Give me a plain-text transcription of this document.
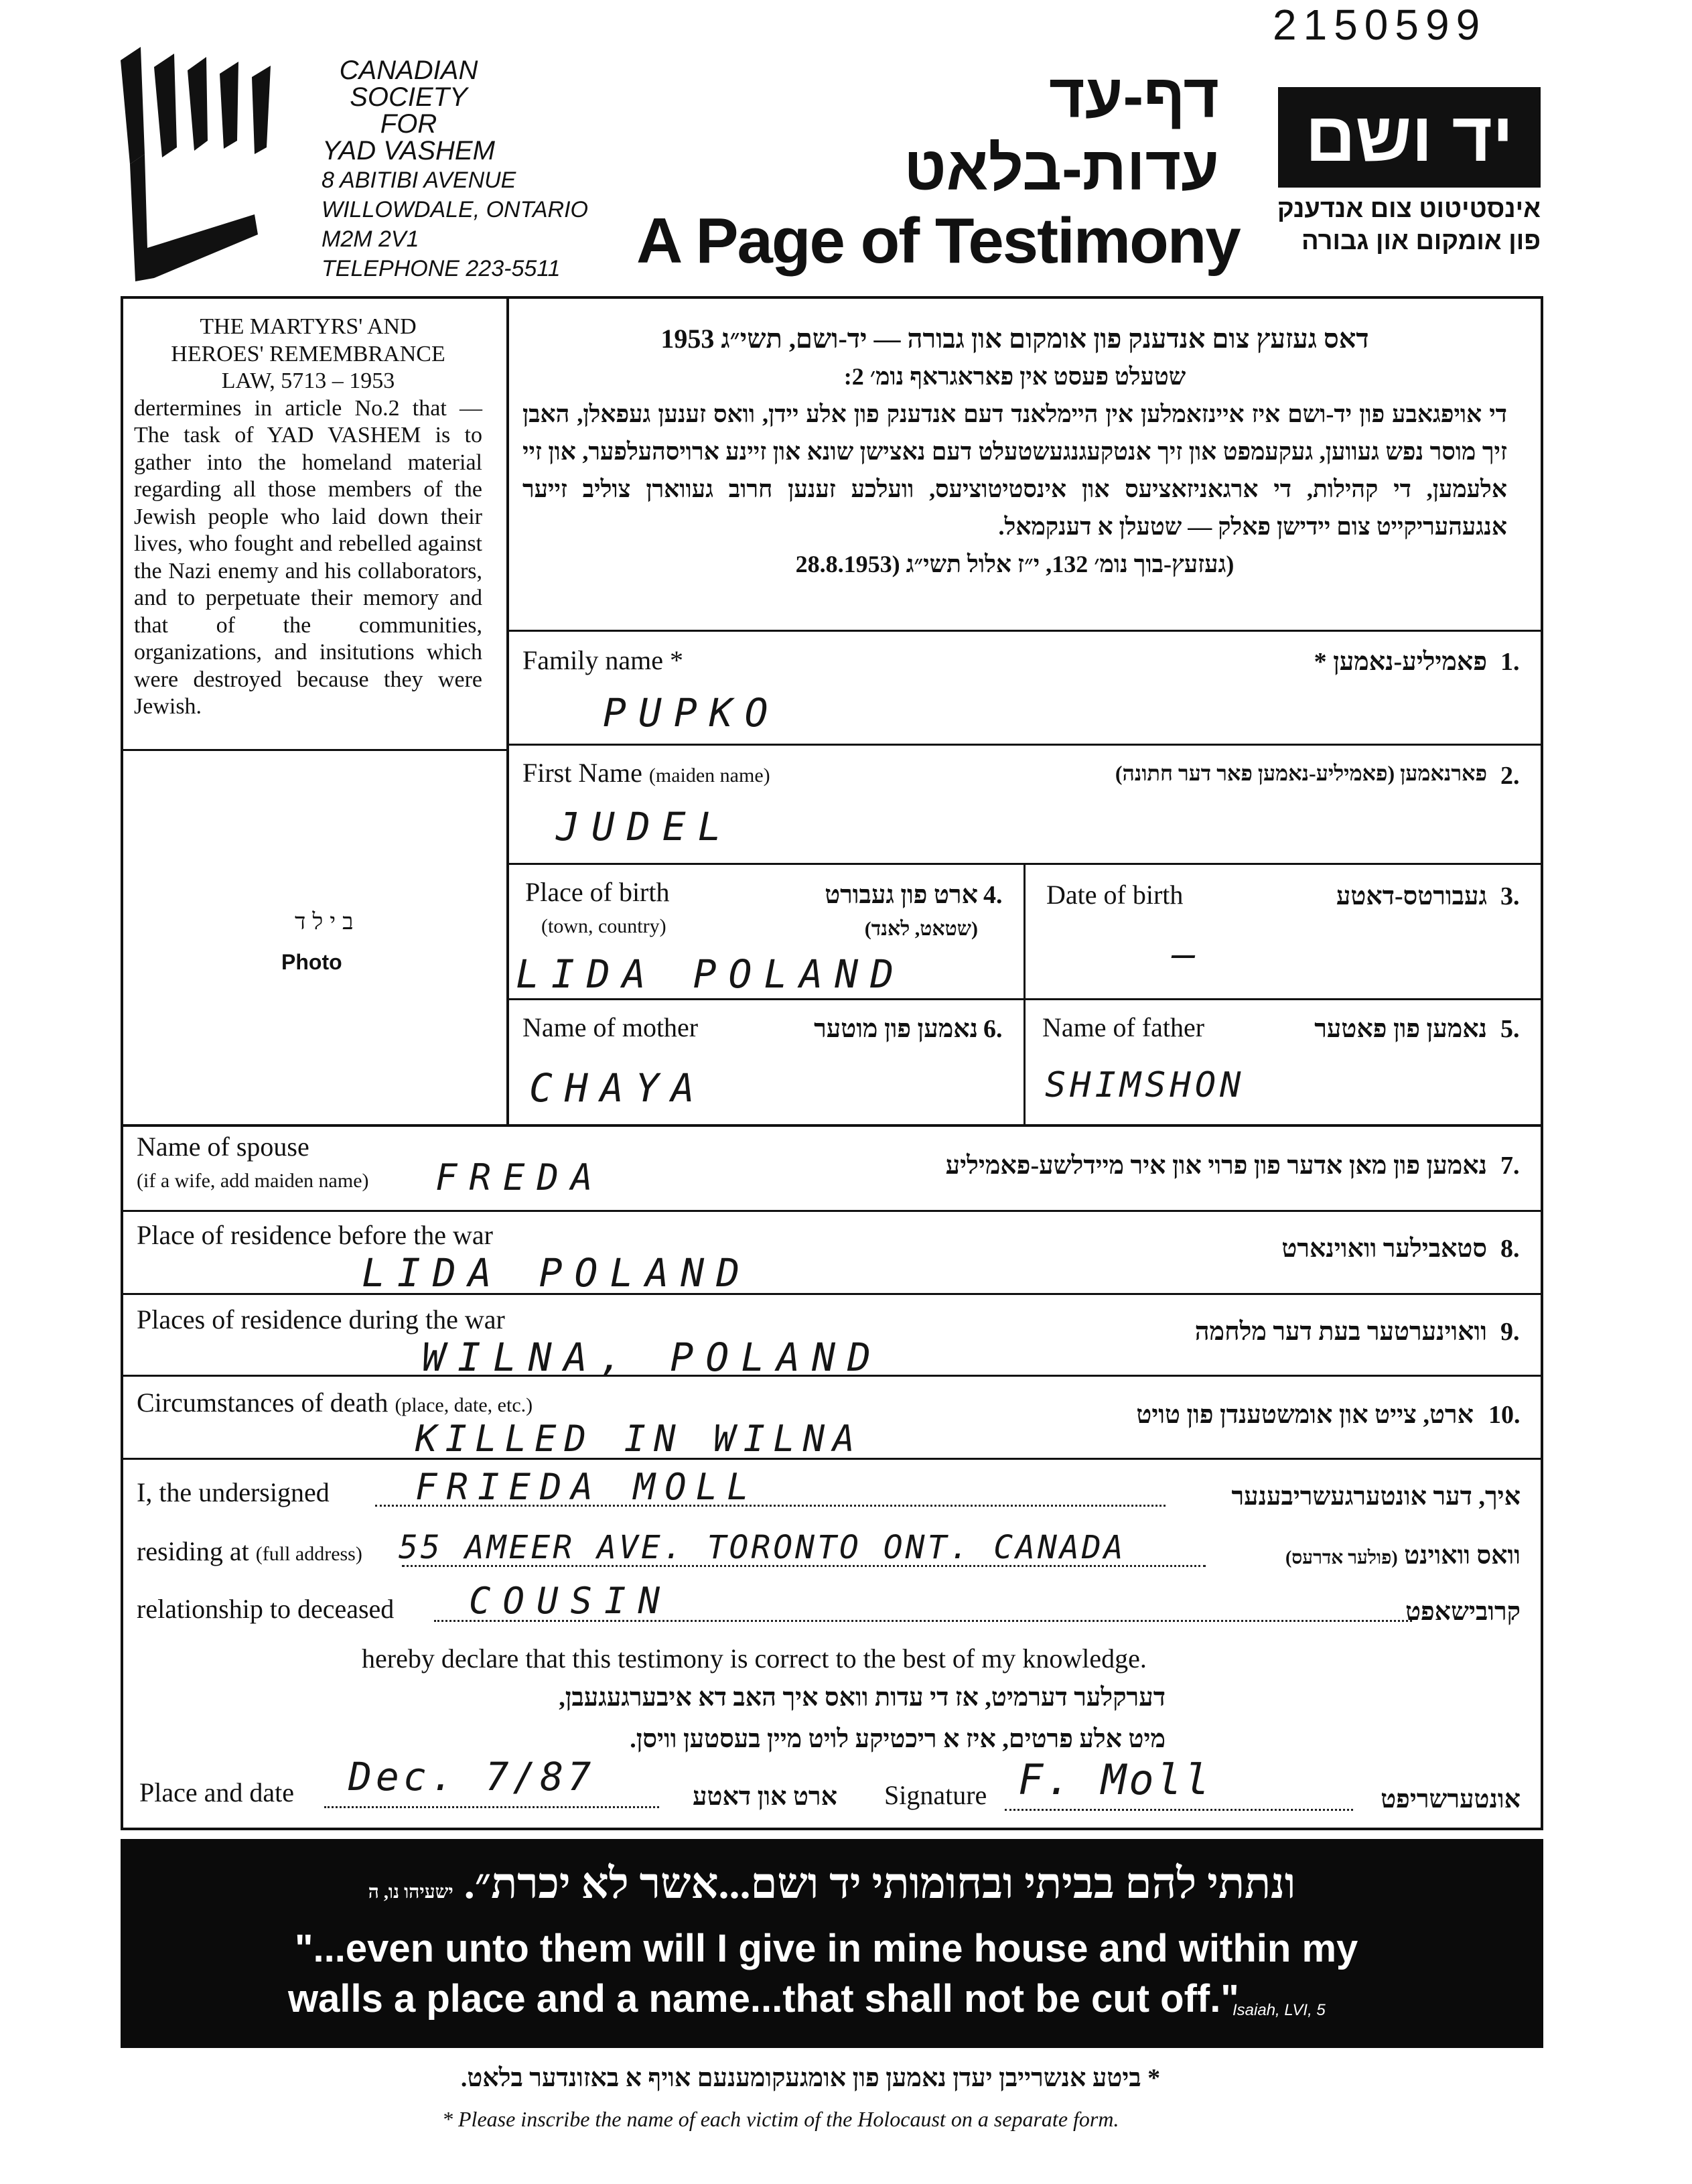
2150599
CANADIAN
SOCIETY
FOR
YAD VASHEM
8 ABITIBI AVENUE
WILLOWDALE, ONTARIO
M2M 2V1
TELEPHONE 223-5511
דף-עד
עדות-בלאט
A Page of Testimony
יד ושם
אינסטיטוט צום אנדענק
פון אומקום און גבורה
THE MARTYRS' AND
HEROES' REMEMBRANCE
LAW, 5713 – 1953
dertermines in article No.2 that — The task of YAD VASHEM is to gather into the homeland material regarding all those members of the Jewish people who laid down their lives, who fought and rebelled against the Nazi enemy and his collaborators, and to perpetuate their memory and that of the communities, organizations, and insitutions which were destroyed because they were Jewish.
בילד
Photo
דאס געזעץ צום אנדענק פון אומקום און גבורה — יד-ושם, תשי״ג 1953
שטעלט פעסט אין פאראגראף נומ׳ 2:
די אויפגאבע פון יד-ושם איז איינזאמלען אין היימלאנד דעם אנדענק פון אלע יידן, וואס זענען געפאלן, האבן זיך מוסר נפש געווען, געקעמפט און זיך אנטקעגנגעשטעלט דעם נאצישן שונא און זיינע ארויסהעלפער, און זיי אלעמען, די קהילות, די ארגאניזאציעס און אינסטיטוציעס, וועלכע זענען חרוב געווארן צוליב זייער אנגעהעריקייט צום יידישן פאלק — שטעלן א דענקמאל.
(געזעץ-בוך נומ׳ 132, י״ז אלול תשי״ג (28.8.1953
Family name *	פאמיליע-נאמען * 1.
PUPKO
First Name (maiden name)	פארנאמען (פאמיליע-נאמען פאר דער חתונה) 2.
JUDEL
Place of birth
(town, country)
ארט פון געבורט
(שטאט, לאנד)
4.
LIDA POLAND
Date of birth	געבורטס-דאטע 3.
—
Name of mother	נאמען פון מוטער 6.
CHAYA
Name of father	נאמען פון פאטער 5.
SHIMSHON
Name of spouse
(if a wife, add maiden name)
נאמען פון מאן אדער פון פרוי און איר מיידלשע-פאמיליע 7.
FREDA
Place of residence before the war	סטאבילער וואוינארט 8.
LIDA POLAND
Places of residence during the war	וואוינערטער בעת דער מלחמה 9.
WILNA, POLAND
Circumstances of death (place, date, etc.)	ארט, צייט און אומשטענדן פון טויט 10.
KILLED IN WILNA
I, the undersigned FRIEDA MOLL	איך, דער אונטערגעשריבענער
residing at (full address) 55 AMEER AVE. TORONTO ONT. CANADA	וואס וואוינט (פולער אדרעס)
relationship to deceased COUSIN	קרובישאפט
hereby declare that this testimony is correct to the best of my knowledge.
דערקלער דערמיט, אז די עדות וואס איך האב דא איבערגעגעבן,
מיט אלע פרטים, איז א ריכטיקע לויט מיין בעסטען וויסן.
Place and date Dec. 7/87	ארט און דאטע Signature F. Moll	אונטערשריפט
ונתתי להם בביתי ובחומותי יד ושם...אשר לא יכרת״. ישעיהו נו, ה
"...even unto them will I give in mine house and within my
walls a place and a name...that shall not be cut off."
Isaiah, LVI, 5
* ביטע אנשרייבן יעדן נאמען פון אומגעקומענעם אויף א באזונדער בלאט.
* Please inscribe the name of each victim of the Holocaust on a separate form.
